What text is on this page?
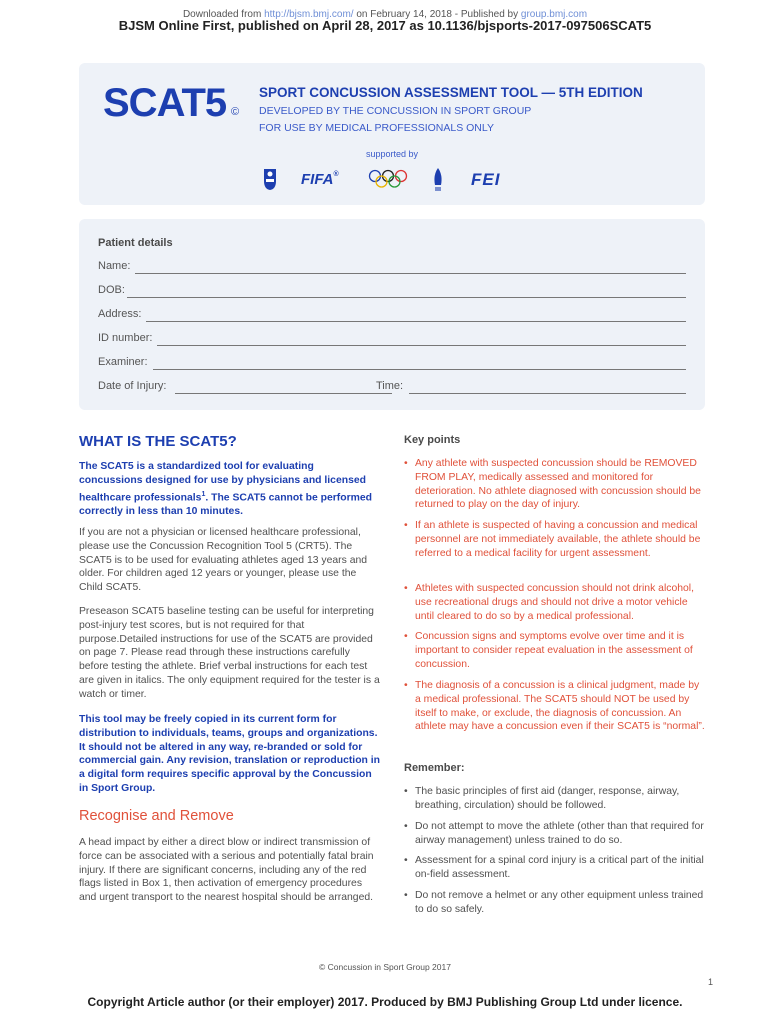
Downloaded from http://bjsm.bmj.com/ on February 14, 2018 - Published by group.bmj.com
BJSM Online First, published on April 28, 2017 as 10.1136/bjsports-2017-097506SCAT5
SCAT5 ©
SPORT CONCUSSION ASSESSMENT TOOL — 5TH EDITION
DEVELOPED BY THE CONCUSSION IN SPORT GROUP
FOR USE BY MEDICAL PROFESSIONALS ONLY
supported by
FIFA®	FEI
Patient details
Name:
DOB:
Address:
ID number:
Examiner:
Date of Injury:	Time:
WHAT IS THE SCAT5?
The SCAT5 is a standardized tool for evaluating concussions designed for use by physicians and licensed healthcare professionals$^1$. The SCAT5 cannot be performed correctly in less than 10 minutes.
If you are not a physician or licensed healthcare professional, please use the Concussion Recognition Tool 5 (CRT5). The SCAT5 is to be used for evaluating athletes aged 13 years and older. For children aged 12 years or younger, please use the Child SCAT5.
Preseason SCAT5 baseline testing can be useful for interpreting post-injury test scores, but is not required for that purpose.Detailed instructions for use of the SCAT5 are provided on page 7. Please read through these instructions carefully before testing the athlete. Brief verbal instructions for each test are given in italics. The only equipment required for the tester is a watch or timer.
This tool may be freely copied in its current form for distribution to individuals, teams, groups and organizations. It should not be altered in any way, re-branded or sold for commercial gain. Any revision, translation or reproduction in a digital form requires specific approval by the Concussion in Sport Group.
Recognise and Remove
A head impact by either a direct blow or indirect transmission of force can be associated with a serious and potentially fatal brain injury. If there are significant concerns, including any of the red flags listed in Box 1, then activation of emergency procedures and urgent transport to the nearest hospital should be arranged.
Key points
• Any athlete with suspected concussion should be REMOVED FROM PLAY, medically assessed and monitored for deterioration. No athlete diagnosed with concussion should be returned to play on the day of injury.
• If an athlete is suspected of having a concussion and medical personnel are not immediately available, the athlete should be referred to a medical facility for urgent assessment.
• Athletes with suspected concussion should not drink alcohol, use recreational drugs and should not drive a motor vehicle until cleared to do so by a medical professional.
• Concussion signs and symptoms evolve over time and it is important to consider repeat evaluation in the assessment of concussion.
• The diagnosis of a concussion is a clinical judgment, made by a medical professional. The SCAT5 should NOT be used by itself to make, or exclude, the diagnosis of concussion. An athlete may have a concussion even if their SCAT5 is “normal”.
Remember:
• The basic principles of first aid (danger, response, airway, breathing, circulation) should be followed.
• Do not attempt to move the athlete (other than that required for airway management) unless trained to do so.
• Assessment for a spinal cord injury is a critical part of the initial on-field assessment.
• Do not remove a helmet or any other equipment unless trained to do so safely.
© Concussion in Sport Group 2017
1
Copyright Article author (or their employer) 2017. Produced by BMJ Publishing Group Ltd under licence.
